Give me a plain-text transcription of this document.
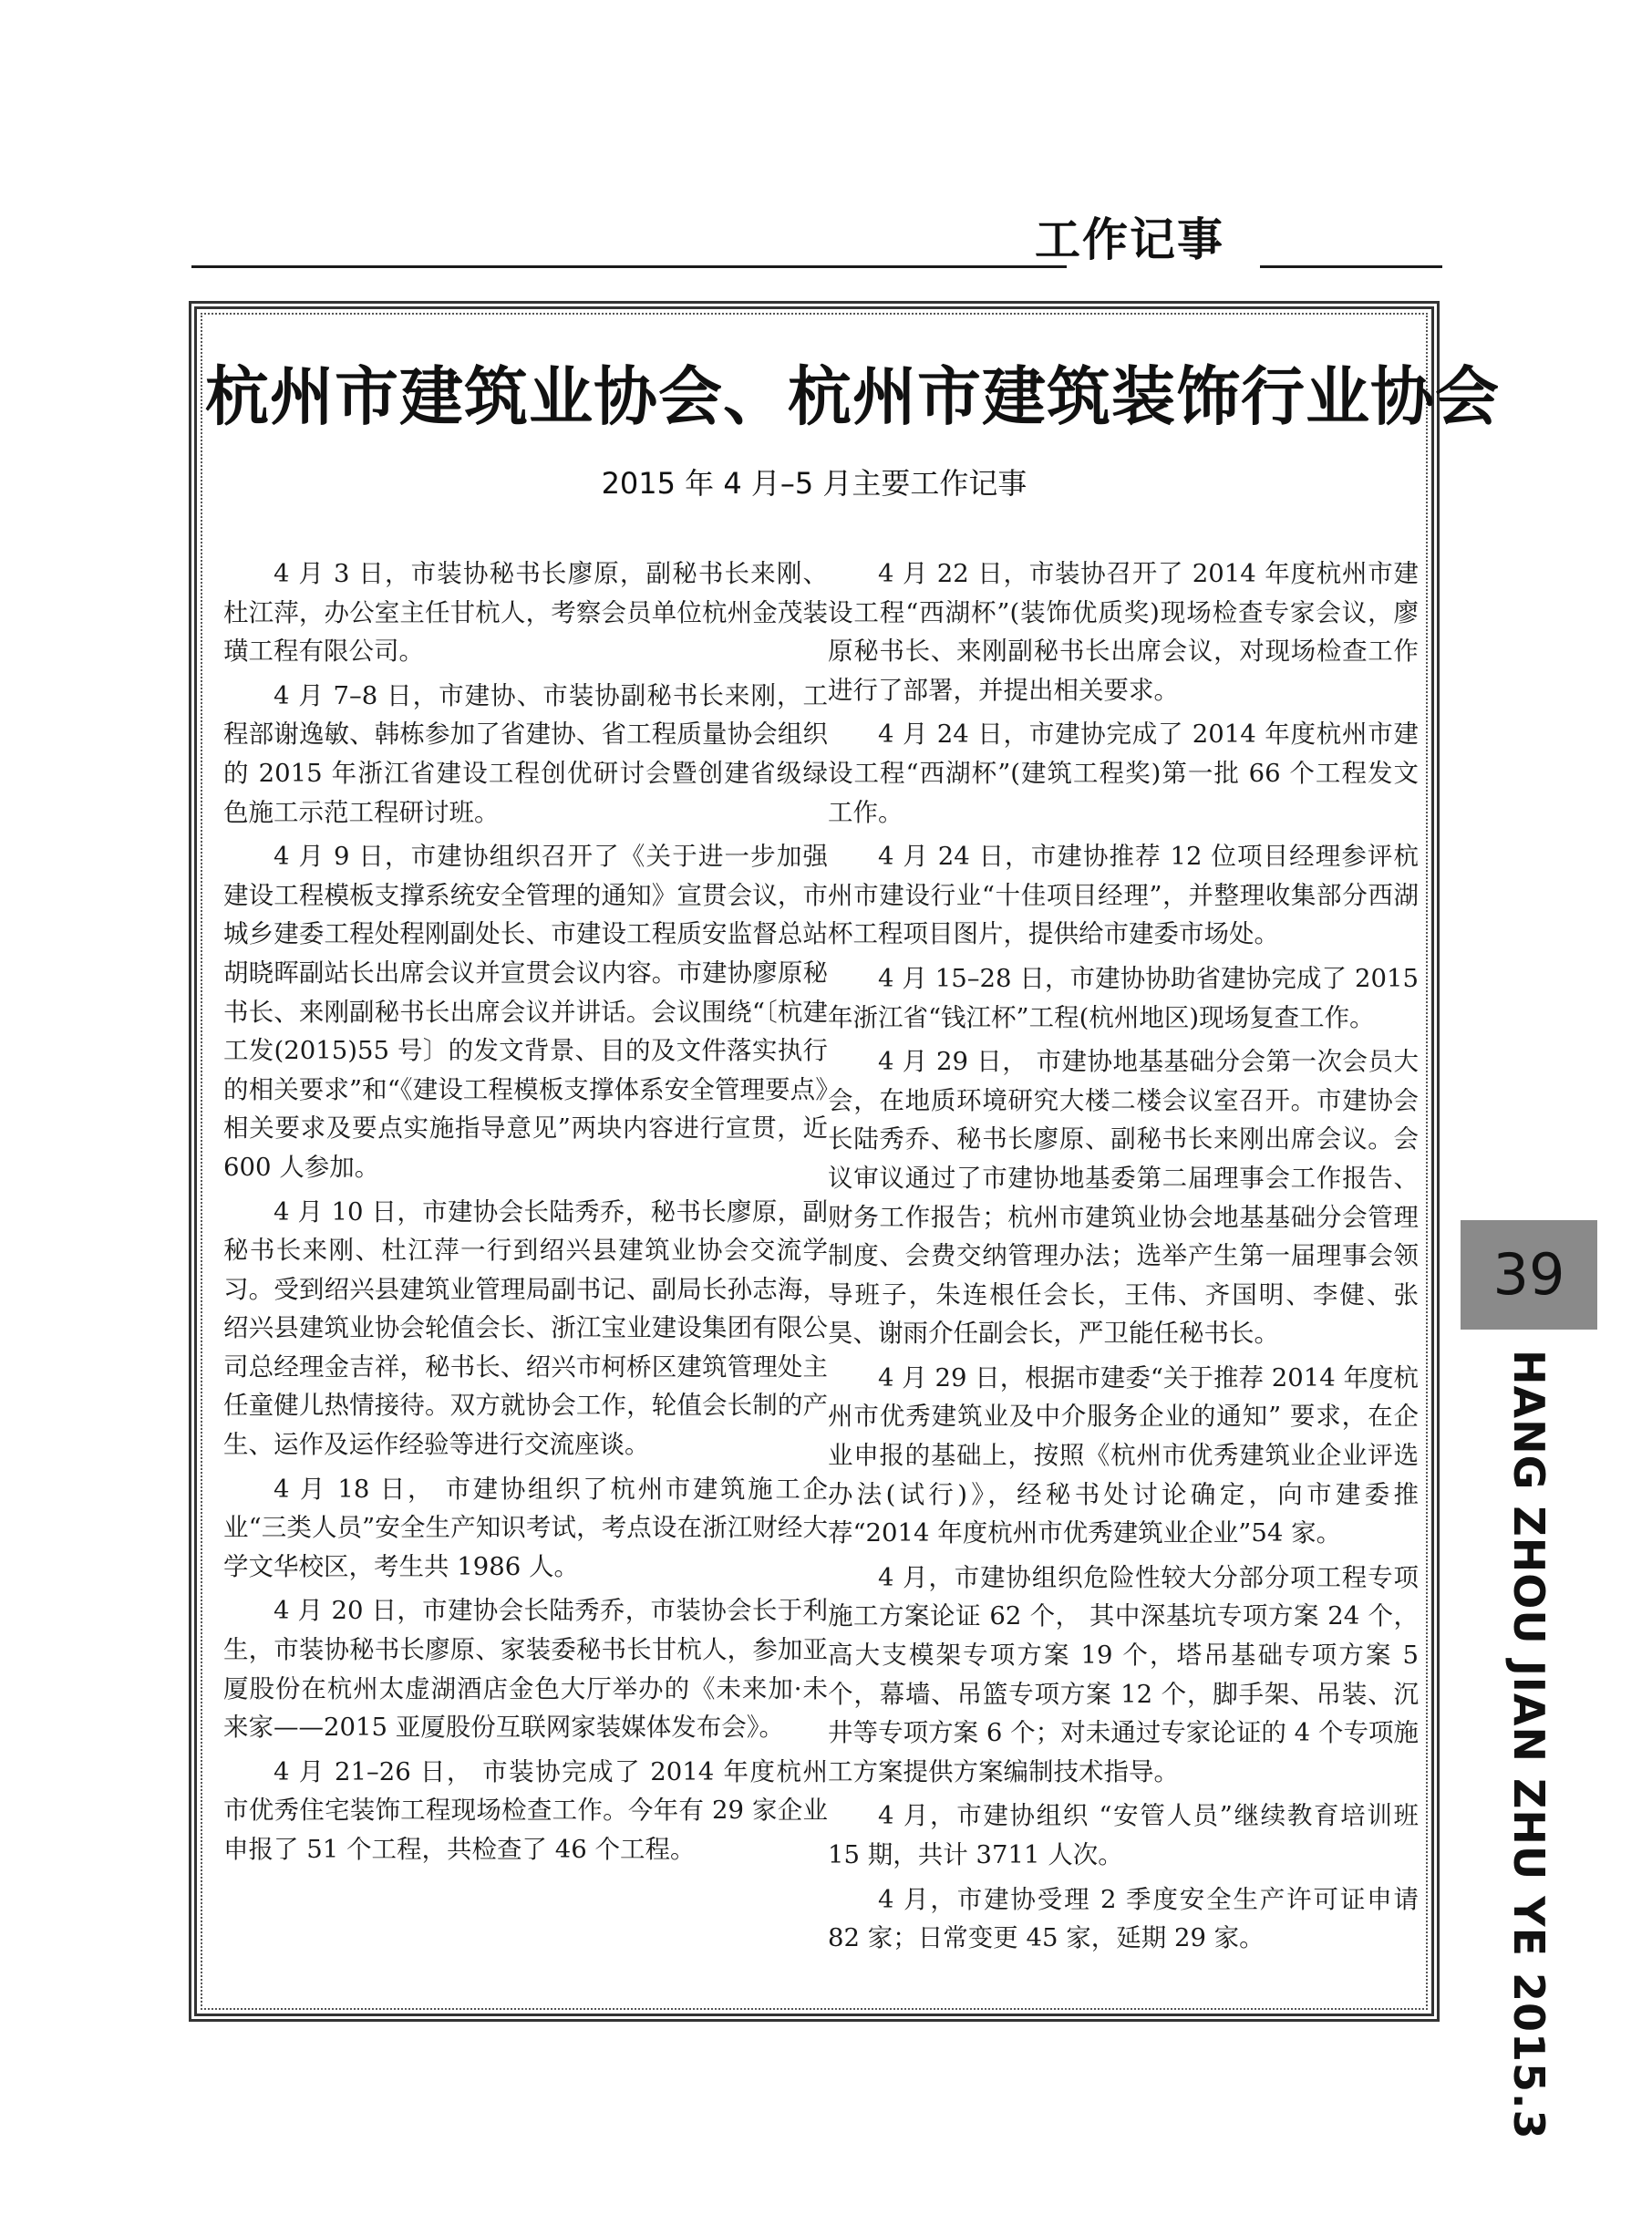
工作记事
杭州市建筑业协会、杭州市建筑装饰行业协会
2015 年 4 月–5 月主要工作记事

4 月 3 日，市装协秘书长廖原，副秘书长来刚、杜江萍，办公室主任甘杭人，考察会员单位杭州金茂装璜工程有限公司。

4 月 7–8 日，市建协、市装协副秘书长来刚，工程部谢逸敏、韩栋参加了省建协、省工程质量协会组织的 2015 年浙江省建设工程创优研讨会暨创建省级绿色施工示范工程研讨班。

4 月 9 日，市建协组织召开了《关于进一步加强建设工程模板支撑系统安全管理的通知》宣贯会议，市城乡建委工程处程刚副处长、市建设工程质安监督总站胡晓晖副站长出席会议并宣贯会议内容。市建协廖原秘书长、来刚副秘书长出席会议并讲话。会议围绕“〔杭建工发(2015)55 号〕的发文背景、目的及文件落实执行的相关要求”和“《建设工程模板支撑体系安全管理要点》相关要求及要点实施指导意见”两块内容进行宣贯，近 600 人参加。

4 月 10 日，市建协会长陆秀乔，秘书长廖原，副秘书长来刚、杜江萍一行到绍兴县建筑业协会交流学习。受到绍兴县建筑业管理局副书记、副局长孙志海，绍兴县建筑业协会轮值会长、浙江宝业建设集团有限公司总经理金吉祥，秘书长、绍兴市柯桥区建筑管理处主任童健儿热情接待。双方就协会工作，轮值会长制的产生、运作及运作经验等进行交流座谈。

4 月 18 日， 市建协组织了杭州市建筑施工企业“三类人员”安全生产知识考试，考点设在浙江财经大学文华校区，考生共 1986 人。

4 月 20 日，市建协会长陆秀乔，市装协会长于利生，市装协秘书长廖原、家装委秘书长甘杭人，参加亚厦股份在杭州太虚湖酒店金色大厅举办的《未来加·未来家——2015 亚厦股份互联网家装媒体发布会》。

4 月 21–26 日， 市装协完成了 2014 年度杭州市优秀住宅装饰工程现场检查工作。今年有 29 家企业申报了 51 个工程，共检查了 46 个工程。

4 月 22 日，市装协召开了 2014 年度杭州市建设工程“西湖杯”(装饰优质奖)现场检查专家会议，廖原秘书长、来刚副秘书长出席会议，对现场检查工作进行了部署，并提出相关要求。

4 月 24 日，市建协完成了 2014 年度杭州市建设工程“西湖杯”(建筑工程奖)第一批 66 个工程发文工作。

4 月 24 日，市建协推荐 12 位项目经理参评杭州市建设行业“十佳项目经理”，并整理收集部分西湖杯工程项目图片，提供给市建委市场处。

4 月 15–28 日，市建协协助省建协完成了 2015 年浙江省“钱江杯”工程(杭州地区)现场复查工作。

4 月 29 日， 市建协地基基础分会第一次会员大会，在地质环境研究大楼二楼会议室召开。市建协会长陆秀乔、秘书长廖原、副秘书长来刚出席会议。会议审议通过了市建协地基委第二届理事会工作报告、财务工作报告；杭州市建筑业协会地基基础分会管理制度、会费交纳管理办法；选举产生第一届理事会领导班子，朱连根任会长，王伟、齐国明、李健、张昊、谢雨介任副会长，严卫能任秘书长。

4 月 29 日，根据市建委“关于推荐 2014 年度杭州市优秀建筑业及中介服务企业的通知” 要求，在企业申报的基础上，按照《杭州市优秀建筑业企业评选办法(试行)》，经秘书处讨论确定，向市建委推荐“2014 年度杭州市优秀建筑业企业”54 家。

4 月，市建协组织危险性较大分部分项工程专项施工方案论证 62 个， 其中深基坑专项方案 24 个，高大支模架专项方案 19 个，塔吊基础专项方案 5 个，幕墙、吊篮专项方案 12 个，脚手架、吊装、沉井等专项方案 6 个；对未通过专家论证的 4 个专项施工方案提供方案编制技术指导。

4 月，市建协组织 “安管人员”继续教育培训班 15 期，共计 3711 人次。

4 月，市建协受理 2 季度安全生产许可证申请 82 家；日常变更 45 家，延期 29 家。

39
HANG ZHOU JIAN ZHU YE 2015.3
